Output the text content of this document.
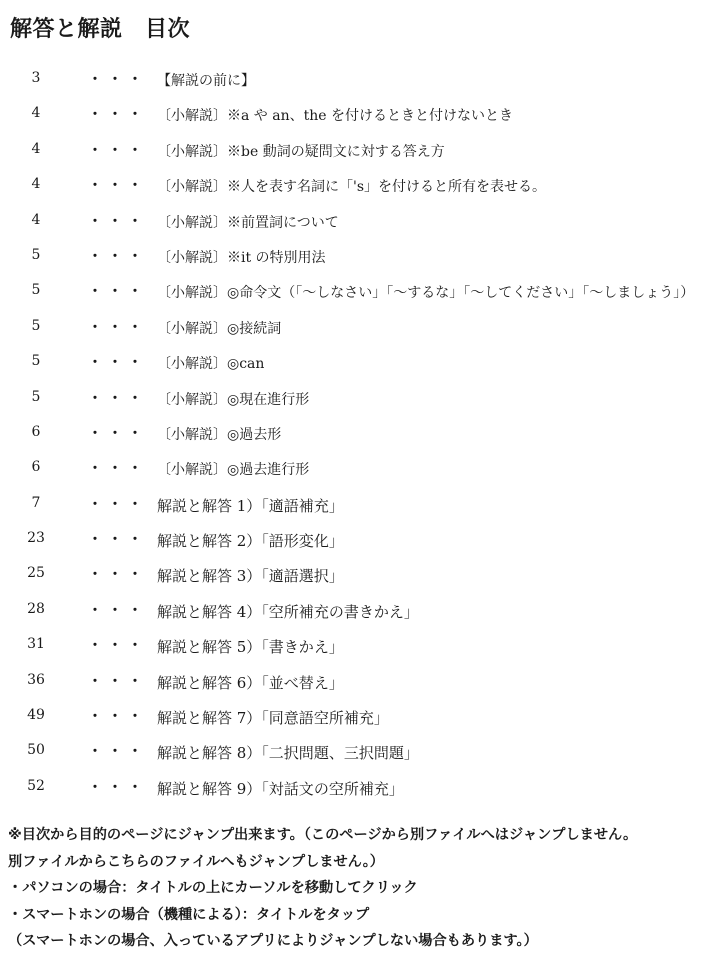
解答と解説　目次
3	・・・ 【解説の前に】
4	・・・ 〔小解説〕※a や an、the を付けるときと付けないとき
4	・・・ 〔小解説〕※be 動詞の疑問文に対する答え方
4	・・・ 〔小解説〕※人を表す名詞に「's」を付けると所有を表せる。
4	・・・ 〔小解説〕※前置詞について
5	・・・ 〔小解説〕※it の特別用法
5	・・・ 〔小解説〕◎命令文（「～しなさい」「～するな」「～してください」「～しましょう」）
5	・・・ 〔小解説〕◎接続詞
5	・・・ 〔小解説〕◎can
5	・・・ 〔小解説〕◎現在進行形
6	・・・ 〔小解説〕◎過去形
6	・・・ 〔小解説〕◎過去進行形
7	・・・ 解説と解答 1）「適語補充」
23	・・・ 解説と解答 2）「語形変化」
25	・・・ 解説と解答 3）「適語選択」
28	・・・ 解説と解答 4）「空所補充の書きかえ」
31	・・・ 解説と解答 5）「書きかえ」
36	・・・ 解説と解答 6）「並べ替え」
49	・・・ 解説と解答 7）「同意語空所補充」
50	・・・ 解説と解答 8）「二択問題、三択問題」
52	・・・ 解説と解答 9）「対話文の空所補充」
※目次から目的のページにジャンプ出来ます。（このページから別ファイルへはジャンプしません。
別ファイルからこちらのファイルへもジャンプしません。）
・パソコンの場合：タイトルの上にカーソルを移動してクリック
・スマートホンの場合（機種による）：タイトルをタップ
（スマートホンの場合、入っているアプリによりジャンプしない場合もあります。）
